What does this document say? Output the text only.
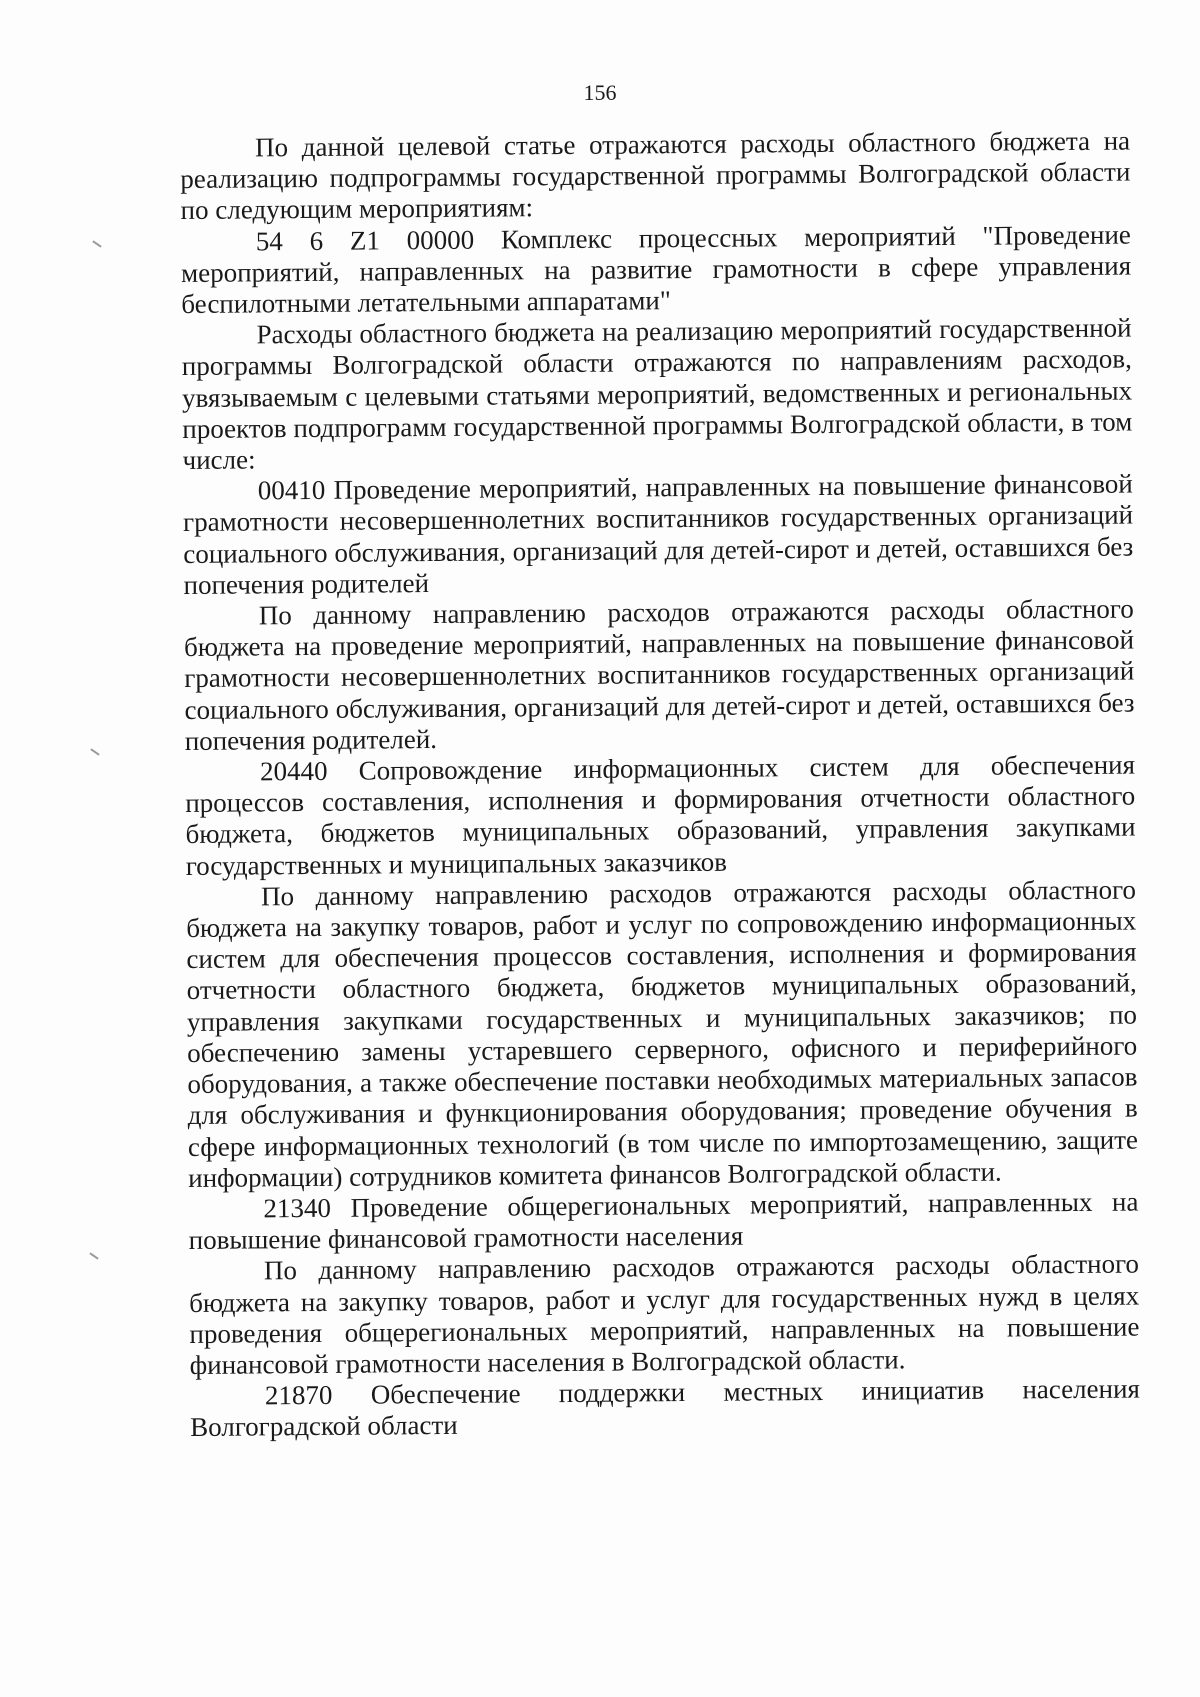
156

По данной целевой статье отражаются расходы областного бюджета на реализацию подпрограммы государственной программы Волгоградской области по следующим мероприятиям:

54 6 Z1 00000 Комплекс процессных мероприятий "Проведение мероприятий, направленных на развитие грамотности в сфере управления беспилотными летательными аппаратами"

Расходы областного бюджета на реализацию мероприятий государственной программы Волгоградской области отражаются по направлениям расходов, увязываемым с целевыми статьями мероприятий, ведомственных и региональных проектов подпрограмм государственной программы Волгоградской области, в том числе:

00410 Проведение мероприятий, направленных на повышение финансовой грамотности несовершеннолетних воспитанников государственных организаций социального обслуживания, организаций для детей-сирот и детей, оставшихся без попечения родителей

По данному направлению расходов отражаются расходы областного бюджета на проведение мероприятий, направленных на повышение финансовой грамотности несовершеннолетних воспитанников государственных организаций социального обслуживания, организаций для детей-сирот и детей, оставшихся без попечения родителей.

20440 Сопровождение информационных систем для обеспечения процессов составления, исполнения и формирования отчетности областного бюджета, бюджетов муниципальных образований, управления закупками государственных и муниципальных заказчиков

По данному направлению расходов отражаются расходы областного бюджета на закупку товаров, работ и услуг по сопровождению информационных систем для обеспечения процессов составления, исполнения и формирования отчетности областного бюджета, бюджетов муниципальных образований, управления закупками государственных и муниципальных заказчиков; по обеспечению замены устаревшего серверного, офисного и периферийного оборудования, а также обеспечение поставки необходимых материальных запасов для обслуживания и функционирования оборудования; проведение обучения в сфере информационных технологий (в том числе по импортозамещению, защите информации) сотрудников комитета финансов Волгоградской области.

21340 Проведение общерегиональных мероприятий, направленных на повышение финансовой грамотности населения

По данному направлению расходов отражаются расходы областного бюджета на закупку товаров, работ и услуг для государственных нужд в целях проведения общерегиональных мероприятий, направленных на повышение финансовой грамотности населения в Волгоградской области.

21870 Обеспечение поддержки местных инициатив населения Волгоградской области
